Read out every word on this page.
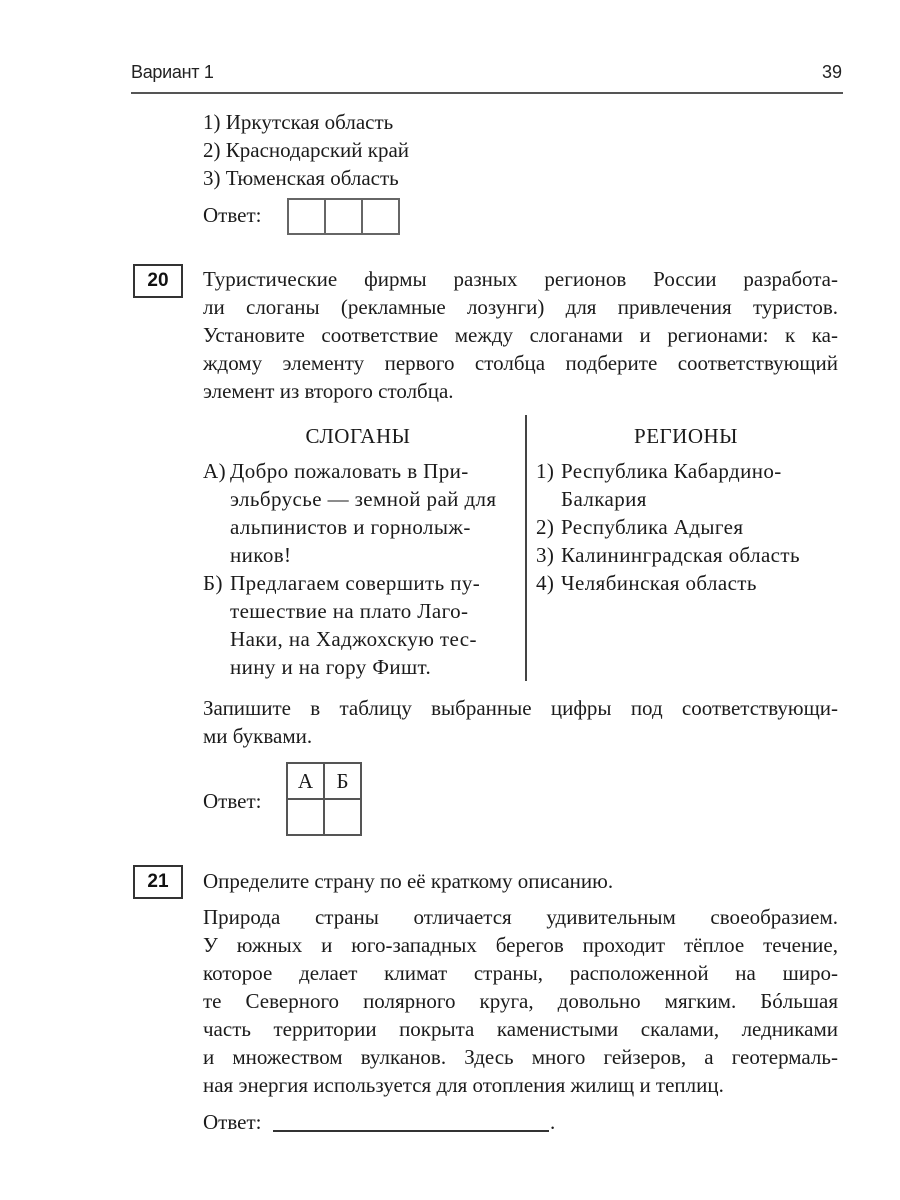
Вариант 1	39
1) Иркутская область
2) Краснодарский край
3) Тюменская область
Ответ:
20	Туристические фирмы разных регионов России разработа-
ли слоганы (рекламные лозунги) для привлечения туристов.
Установите соответствие между слоганами и регионами: к ка-
ждому элементу первого столбца подберите соответствующий
элемент из второго столбца.
СЛОГАНЫ	РЕГИОНЫ
А) Добро пожаловать в При-
эльбрусье — земной рай для
альпинистов и горнолыж-
ников!
Б) Предлагаем совершить пу-
тешествие на плато Лаго-
Наки, на Хаджохскую тес-
нину и на гору Фишт.
1) Республика Кабардино-
Балкария
2) Республика Адыгея
3) Калининградская область
4) Челябинская область
Запишите в таблицу выбранные цифры под соответствующи-
ми буквами.
Ответ:
А	Б

21	Определите страну по её краткому описанию.
Природа страны отличается удивительным своеобразием.
У южных и юго-западных берегов проходит тёплое течение,
которое делает климат страны, расположенной на широ-
те Северного полярного круга, довольно мягким. Бóльшая
часть территории покрыта каменистыми скалами, ледниками
и множеством вулканов. Здесь много гейзеров, а геотермаль-
ная энергия используется для отопления жилищ и теплиц.
Ответ:	.
